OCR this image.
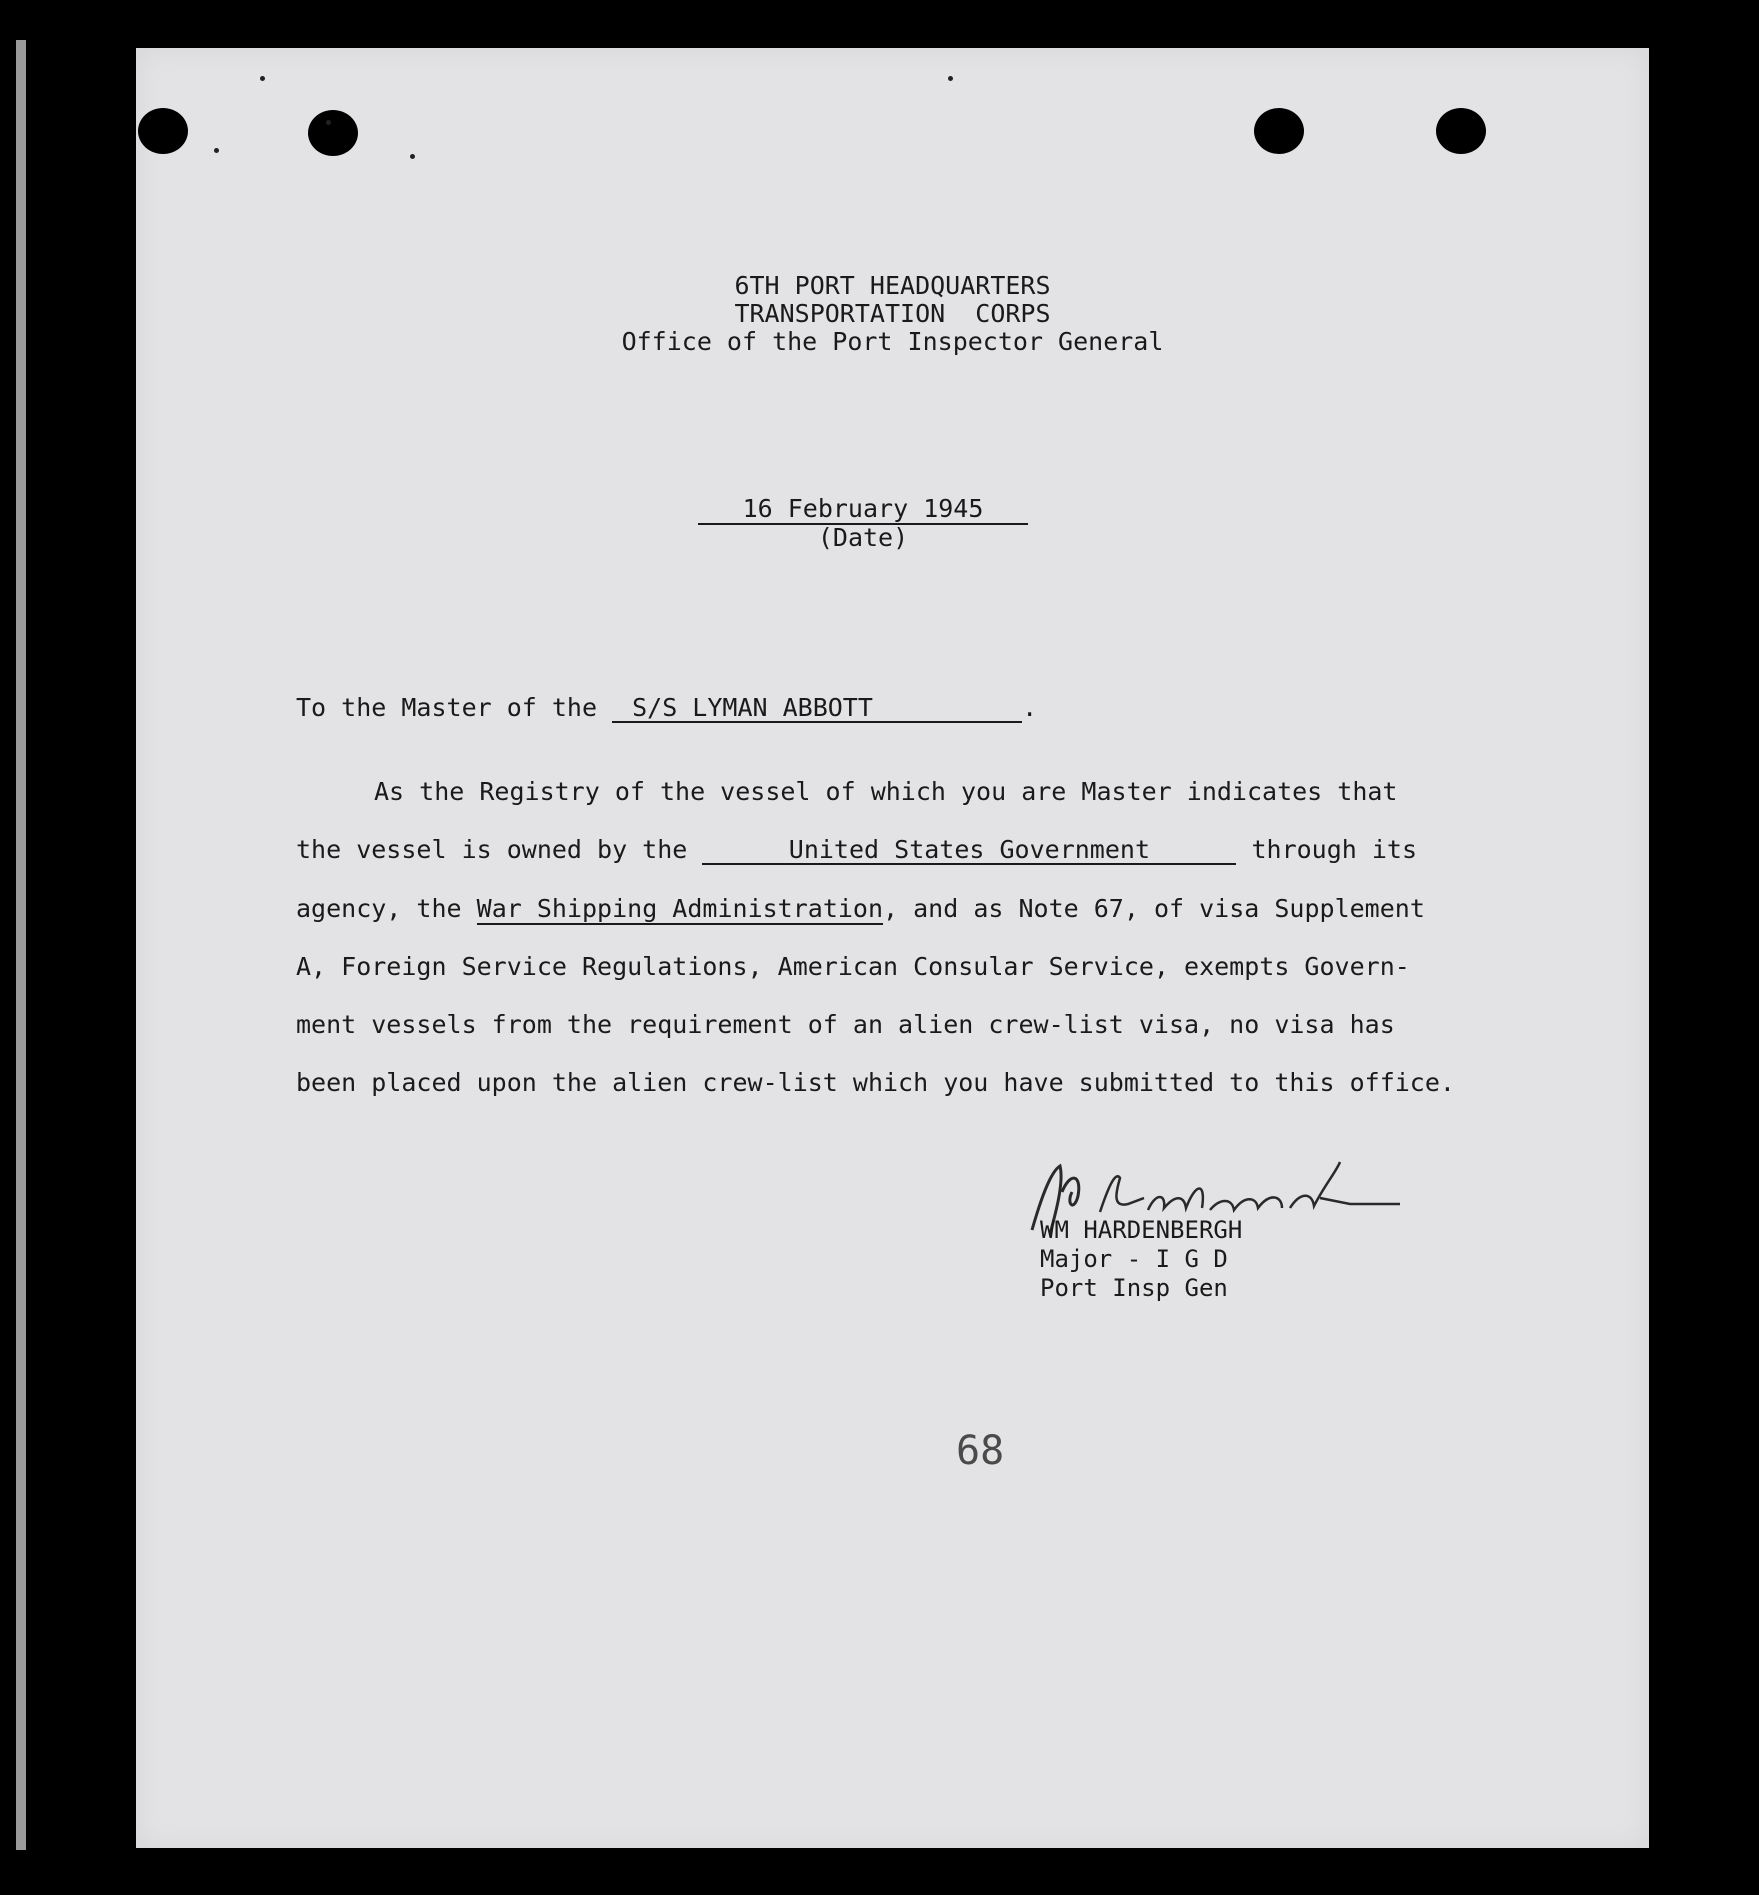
6TH PORT HEADQUARTERS
TRANSPORTATION  CORPS
Office of the Port Inspector General
16 February 1945
(Date)
To the Master of the S/S LYMAN ABBOTT	.
As the Registry of the vessel of which you are Master indicates that
the vessel is owned by the	United States Government	through its
agency, the War Shipping Administration, and as Note 67, of visa Supplement
A, Foreign Service Regulations, American Consular Service, exempts Govern-
ment vessels from the requirement of an alien crew-list visa, no visa has
been placed upon the alien crew-list which you have submitted to this office.
WM HARDENBERGH
Major - I G D
Port Insp Gen
68
